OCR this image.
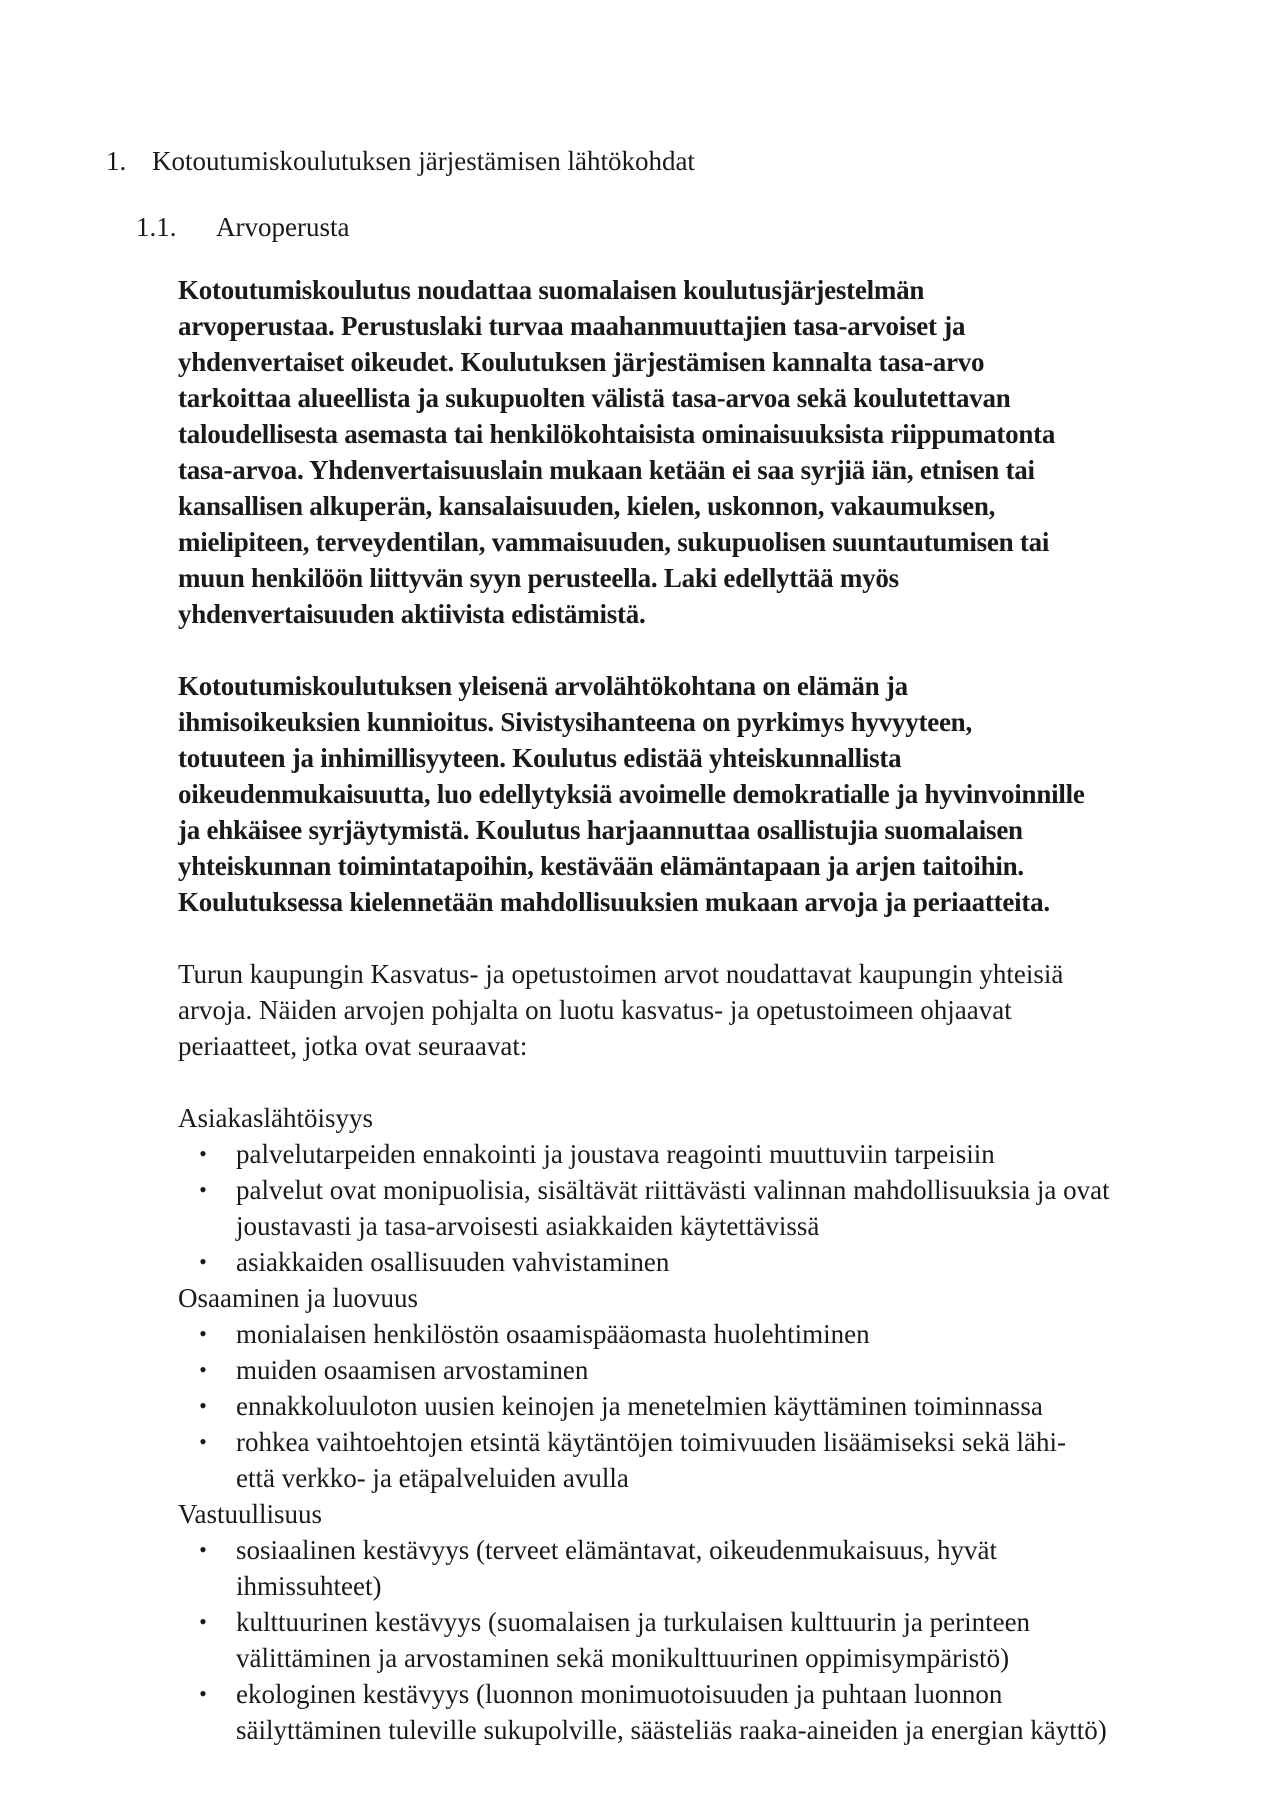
1. Kotoutumiskoulutuksen järjestämisen lähtökohdat
1.1. Arvoperusta
Kotoutumiskoulutus noudattaa suomalaisen koulutusjärjestelmän
arvoperustaa. Perustuslaki turvaa maahanmuuttajien tasa-arvoiset ja
yhdenvertaiset oikeudet. Koulutuksen järjestämisen kannalta tasa-arvo
tarkoittaa alueellista ja sukupuolten välistä tasa-arvoa sekä koulutettavan
taloudellisesta asemasta tai henkilökohtaisista ominaisuuksista riippumatonta
tasa-arvoa. Yhdenvertaisuuslain mukaan ketään ei saa syrjiä iän, etnisen tai
kansallisen alkuperän, kansalaisuuden, kielen, uskonnon, vakaumuksen,
mielipiteen, terveydentilan, vammaisuuden, sukupuolisen suuntautumisen tai
muun henkilöön liittyvän syyn perusteella. Laki edellyttää myös
yhdenvertaisuuden aktiivista edistämistä.
Kotoutumiskoulutuksen yleisenä arvolähtökohtana on elämän ja
ihmisoikeuksien kunnioitus. Sivistysihanteena on pyrkimys hyvyyteen,
totuuteen ja inhimillisyyteen. Koulutus edistää yhteiskunnallista
oikeudenmukaisuutta, luo edellytyksiä avoimelle demokratialle ja hyvinvoinnille
ja ehkäisee syrjäytymistä. Koulutus harjaannuttaa osallistujia suomalaisen
yhteiskunnan toimintatapoihin, kestävään elämäntapaan ja arjen taitoihin.
Koulutuksessa kielennetään mahdollisuuksien mukaan arvoja ja periaatteita.
Turun kaupungin Kasvatus- ja opetustoimen arvot noudattavat kaupungin yhteisiä
arvoja. Näiden arvojen pohjalta on luotu kasvatus- ja opetustoimeen ohjaavat
periaatteet, jotka ovat seuraavat:
Asiakaslähtöisyys
• palvelutarpeiden ennakointi ja joustava reagointi muuttuviin tarpeisiin
• palvelut ovat monipuolisia, sisältävät riittävästi valinnan mahdollisuuksia ja ovat
joustavasti ja tasa-arvoisesti asiakkaiden käytettävissä
• asiakkaiden osallisuuden vahvistaminen
Osaaminen ja luovuus
• monialaisen henkilöstön osaamispääomasta huolehtiminen
• muiden osaamisen arvostaminen
• ennakkoluuloton uusien keinojen ja menetelmien käyttäminen toiminnassa
• rohkea vaihtoehtojen etsintä käytäntöjen toimivuuden lisäämiseksi sekä lähi-
että verkko- ja etäpalveluiden avulla
Vastuullisuus
• sosiaalinen kestävyys (terveet elämäntavat, oikeudenmukaisuus, hyvät
ihmissuhteet)
• kulttuurinen kestävyys (suomalaisen ja turkulaisen kulttuurin ja perinteen
välittäminen ja arvostaminen sekä monikulttuurinen oppimisympäristö)
• ekologinen kestävyys (luonnon monimuotoisuuden ja puhtaan luonnon
säilyttäminen tuleville sukupolville, säästeliäs raaka-aineiden ja energian käyttö)
